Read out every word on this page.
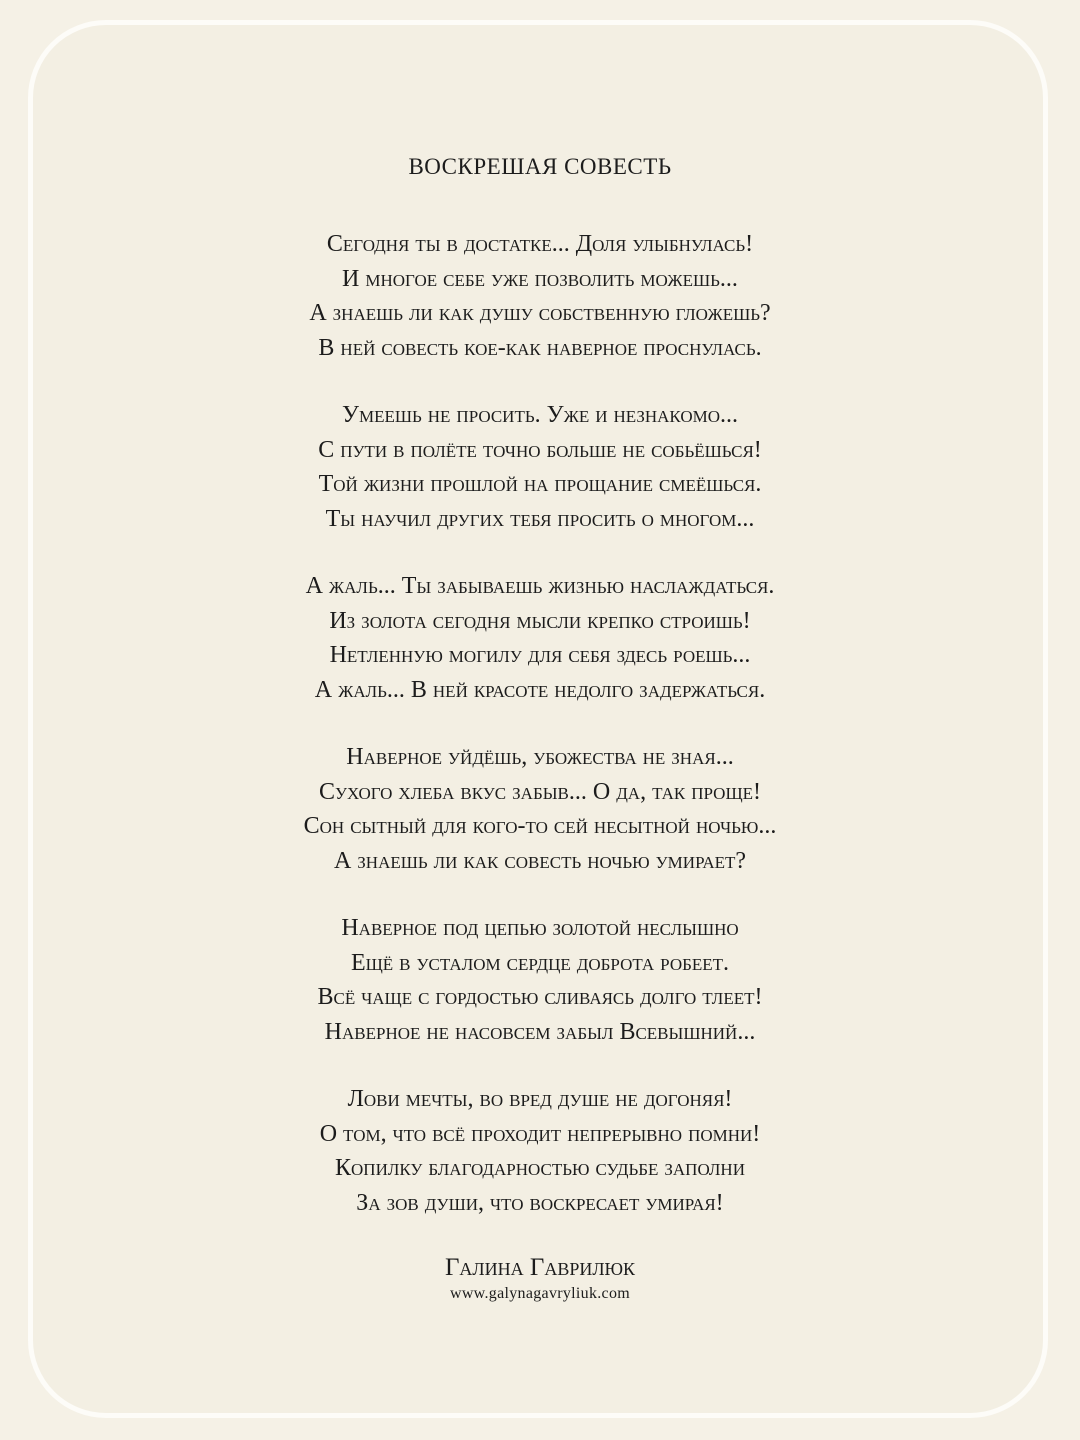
ВОСКРЕШАЯ СОВЕСТЬ
Сегодня ты в достатке... Доля улыбнулась!
И многое себе уже позволить можешь...
А знаешь ли как душу собственную гложешь?
В ней совесть кое-как наверное проснулась.
Умеешь не просить. Уже и незнакомо...
С пути в полёте точно больше не собьёшься!
Той жизни прошлой на прощание смеёшься.
Ты научил других тебя просить о многом...
А жаль... Ты забываешь жизнью наслаждаться.
Из золота сегодня мысли крепко строишь!
Нетленную могилу для себя здесь роешь...
А жаль... В ней красоте недолго задержаться.
Наверное уйдёшь, убожества не зная...
Сухого хлеба вкус забыв... О да, так проще!
Сон сытный для кого-то сей несытной ночью...
А знаешь ли как совесть ночью умирает?
Наверное под цепью золотой неслышно
Ещё в усталом сердце доброта робеет.
Всё чаще с гордостью сливаясь долго тлеет!
Наверное не насовсем забыл Всевышний...
Лови мечты, во вред душе не догоняя!
О том, что всё проходит непрерывно помни!
Копилку благодарностью судьбе заполни
За зов души, что воскресает умирая!
Галина Гаврилюк
www.galynagavryliuk.com
